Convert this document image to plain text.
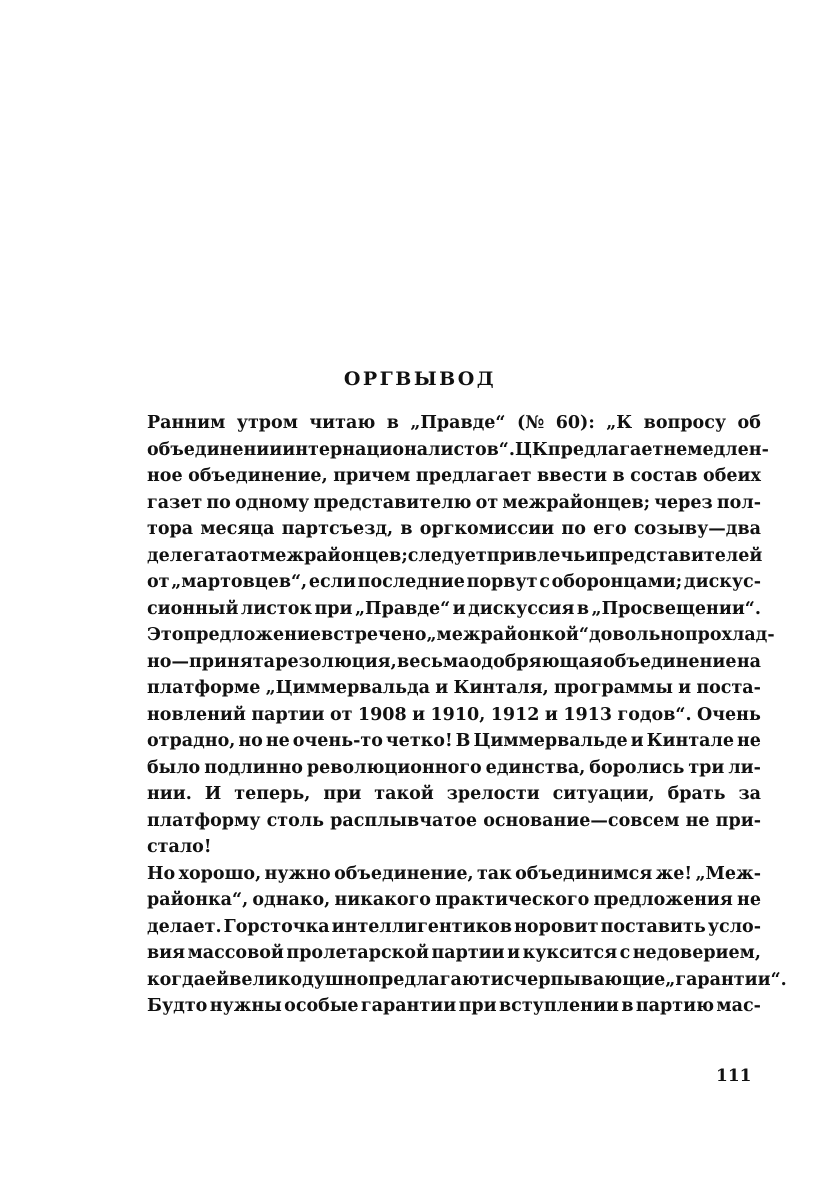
ОРГВЫВОД
Ранним утром читаю в „Правде“ (№ 60): „К вопросу об
объединении интернационалистов“. ЦК предлагает немедлен-
ное объединение, причем предлагает ввести в состав обеих
газет по одному представителю от межрайонцев; через пол-
тора месяца партсъезд, в оргкомиссии по его созыву—два
делегата от межрайонцев; следует привлечь и представителей
от „мартовцев“, если последние порвут с оборонцами; дискус-
сионный листок при „Правде“ и дискуссия в „Просвещении“.
Это предложение встречено „межрайонкой“ довольно прохлад-
но—принята резолюция, весьма одобряющая объединение на
платформе „Циммервальда и Кинталя, программы и поста-
новлений партии от 1908 и 1910, 1912 и 1913 годов“. Очень
отрадно, но не очень-то четко! В Циммервальде и Кинтале не
было подлинно революционного единства, боролись три ли-
нии. И теперь, при такой зрелости ситуации, брать за
платформу столь расплывчатое основание—совсем не при-
стало!
Но хорошо, нужно объединение, так объединимся же! „Меж-
районка“, однако, никакого практического предложения не
делает. Горсточка интеллигентиков норовит поставить усло-
вия массовой пролетарской партии и куксится с недоверием,
когда ей великодушно предлагают исчерпывающие „гарантии“.
Будто нужны особые гарантии при вступлении в партию мас-
111
